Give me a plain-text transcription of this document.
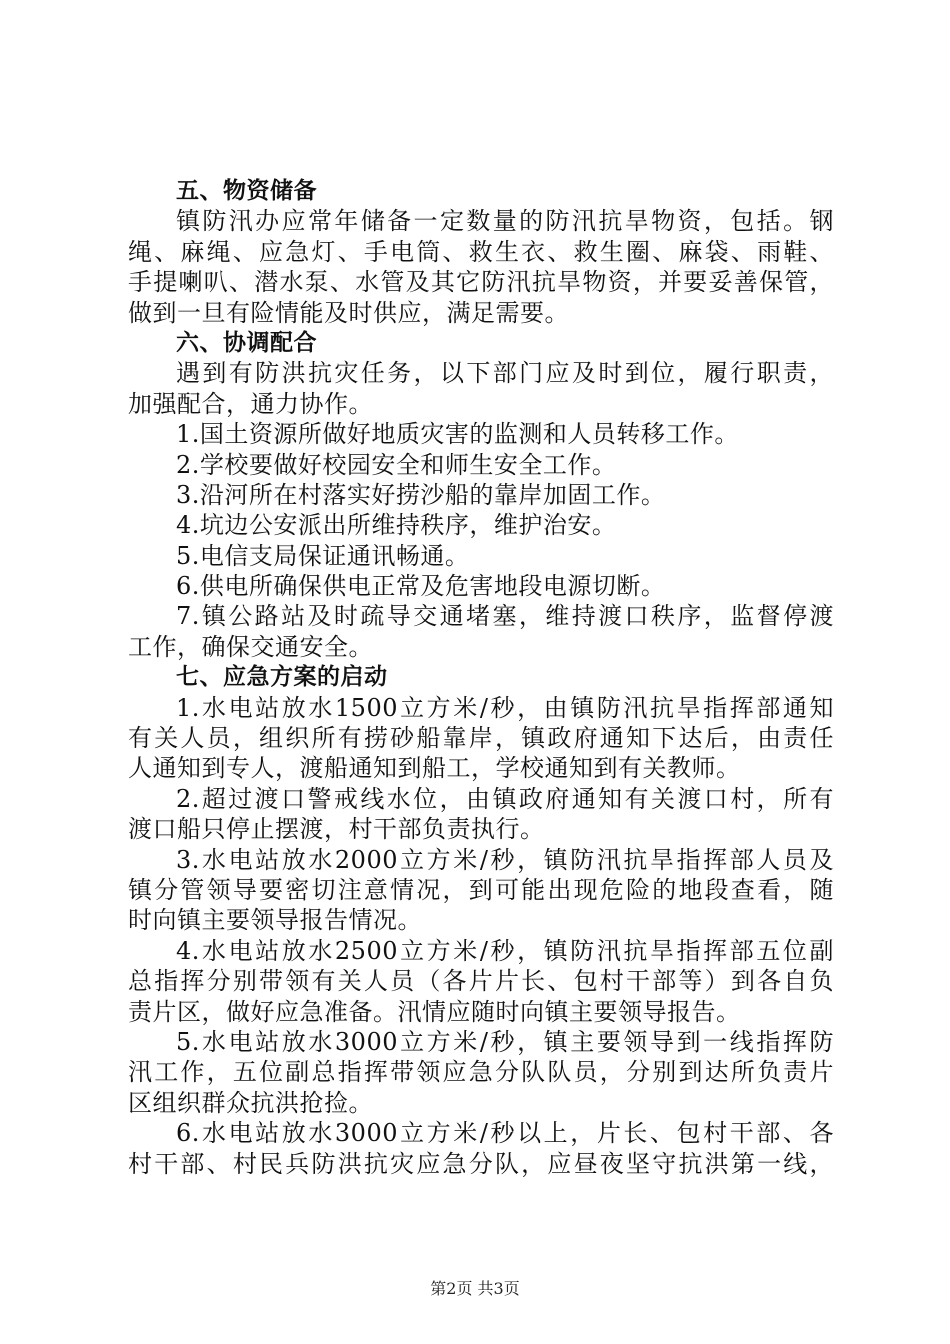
五、物资储备
镇防汛办应常年储备一定数量的防汛抗旱物资，包括。钢
绳、麻绳、应急灯、手电筒、救生衣、救生圈、麻袋、雨鞋、
手提喇叭、潜水泵、水管及其它防汛抗旱物资，并要妥善保管，
做到一旦有险情能及时供应，满足需要。
六、协调配合
遇到有防洪抗灾任务，以下部门应及时到位，履行职责，
加强配合，通力协作。
1.国土资源所做好地质灾害的监测和人员转移工作。
2.学校要做好校园安全和师生安全工作。
3.沿河所在村落实好捞沙船的靠岸加固工作。
4.坑边公安派出所维持秩序，维护治安。
5.电信支局保证通讯畅通。
6.供电所确保供电正常及危害地段电源切断。
7.镇公路站及时疏导交通堵塞，维持渡口秩序，监督停渡
工作，确保交通安全。
七、应急方案的启动
1.水电站放水1500立方米/秒，由镇防汛抗旱指挥部通知
有关人员，组织所有捞砂船靠岸，镇政府通知下达后，由责任
人通知到专人，渡船通知到船工，学校通知到有关教师。
2.超过渡口警戒线水位，由镇政府通知有关渡口村，所有
渡口船只停止摆渡，村干部负责执行。
3.水电站放水2000立方米/秒，镇防汛抗旱指挥部人员及
镇分管领导要密切注意情况，到可能出现危险的地段查看，随
时向镇主要领导报告情况。
4.水电站放水2500立方米/秒，镇防汛抗旱指挥部五位副
总指挥分别带领有关人员（各片片长、包村干部等）到各自负
责片区，做好应急准备。汛情应随时向镇主要领导报告。
5.水电站放水3000立方米/秒，镇主要领导到一线指挥防
汛工作，五位副总指挥带领应急分队队员，分别到达所负责片
区组织群众抗洪抢捡。
6.水电站放水3000立方米/秒以上，片长、包村干部、各
村干部、村民兵防洪抗灾应急分队，应昼夜坚守抗洪第一线，
第2页 共3页
